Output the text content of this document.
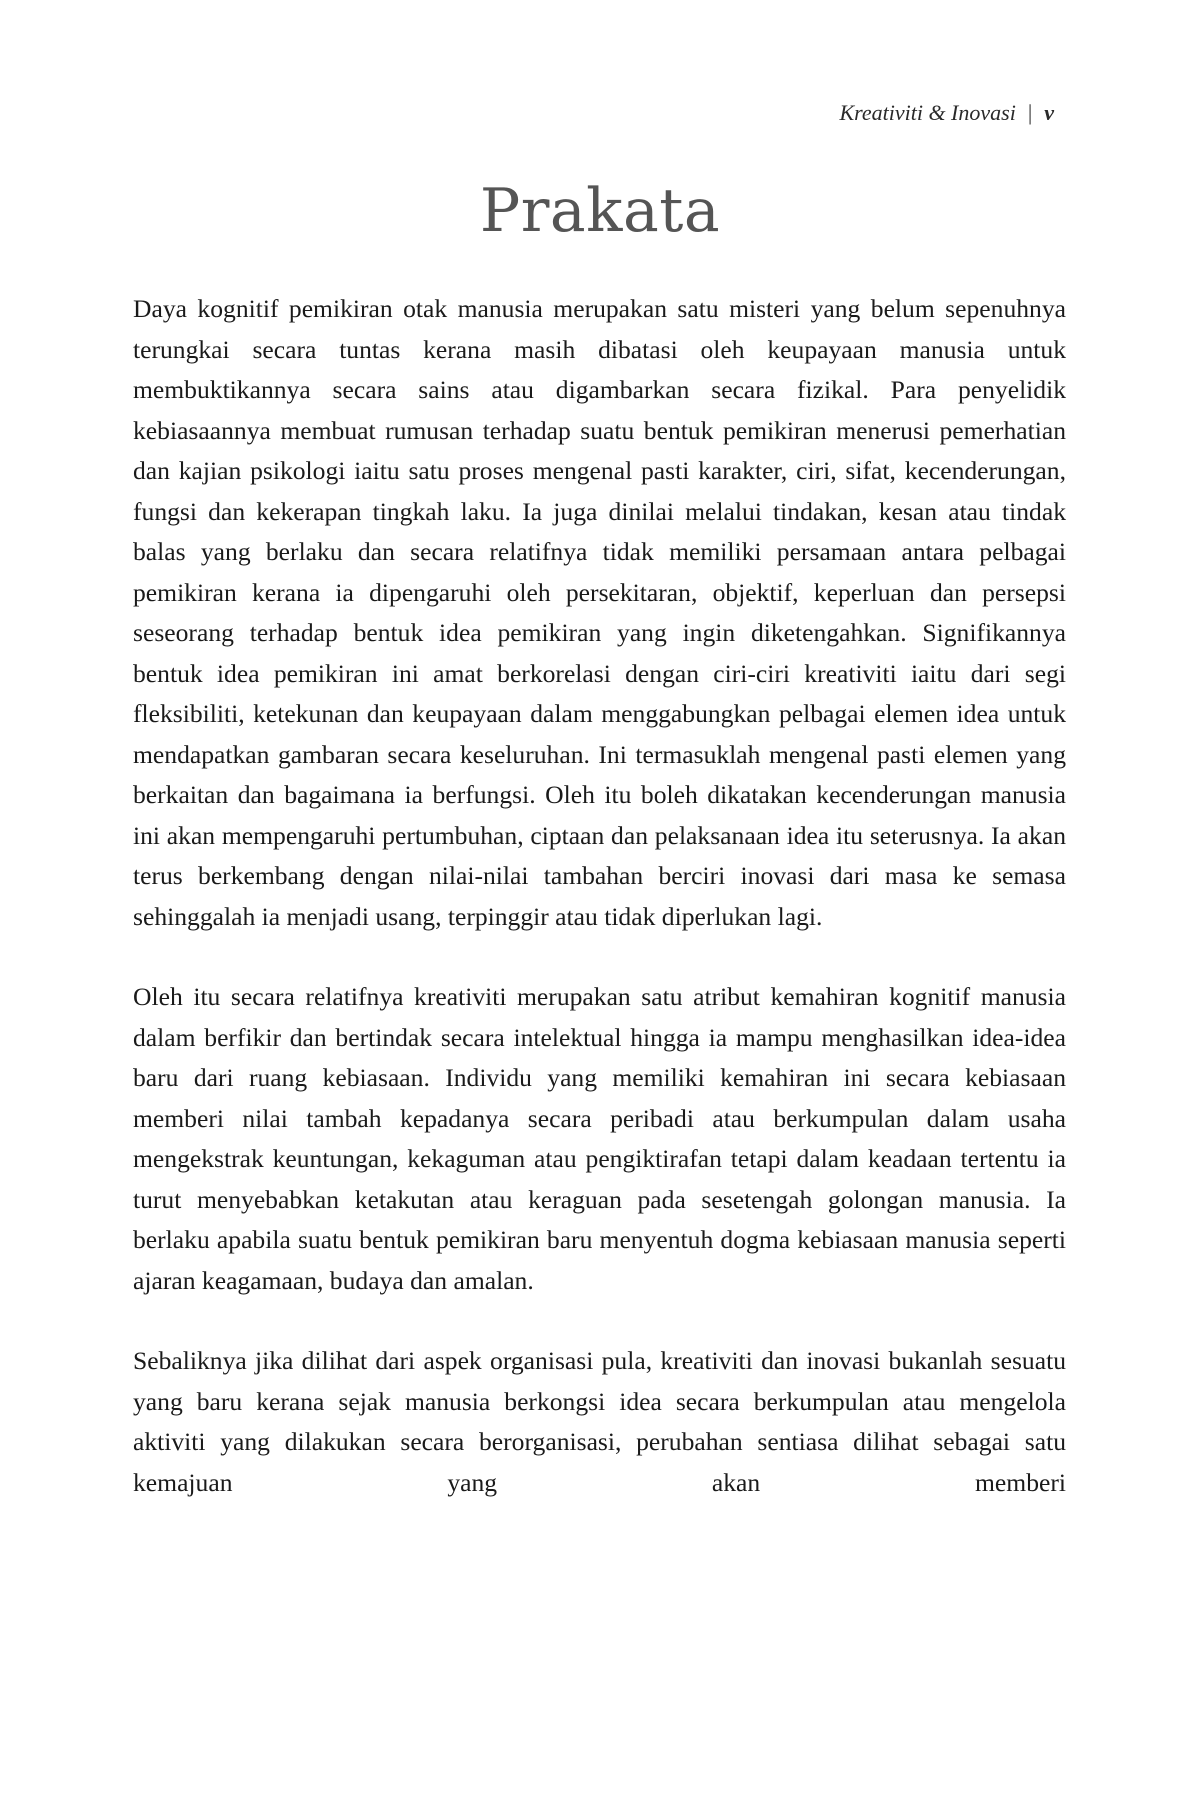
Kreativiti & Inovasi | v
Prakata

Daya kognitif pemikiran otak manusia merupakan satu misteri yang belum sepenuhnya terungkai secara tuntas kerana masih dibatasi oleh keupayaan manusia untuk membuktikannya secara sains atau digambarkan secara fizikal. Para penyelidik kebiasaannya membuat rumusan terhadap suatu bentuk pemikiran menerusi pemerhatian dan kajian psikologi iaitu satu proses mengenal pasti karakter, ciri, sifat, kecenderungan, fungsi dan kekerapan tingkah laku. Ia juga dinilai melalui tindakan, kesan atau tindak balas yang berlaku dan secara relatifnya tidak memiliki persamaan antara pelbagai pemikiran kerana ia dipengaruhi oleh persekitaran, objektif, keperluan dan persepsi seseorang terhadap bentuk idea pemikiran yang ingin diketengahkan. Signifikannya bentuk idea pemikiran ini amat berkorelasi dengan ciri-ciri kreativiti iaitu dari segi fleksibiliti, ketekunan dan keupayaan dalam menggabungkan pelbagai elemen idea untuk mendapatkan gambaran secara keseluruhan. Ini termasuklah mengenal pasti elemen yang berkaitan dan bagaimana ia berfungsi. Oleh itu boleh dikatakan kecenderungan manusia ini akan mempengaruhi pertumbuhan, ciptaan dan pelaksanaan idea itu seterusnya. Ia akan terus berkembang dengan nilai-nilai tambahan berciri inovasi dari masa ke semasa sehinggalah ia menjadi usang, terpinggir atau tidak diperlukan lagi.

Oleh itu secara relatifnya kreativiti merupakan satu atribut kemahiran kognitif manusia dalam berfikir dan bertindak secara intelektual hingga ia mampu menghasilkan idea-idea baru dari ruang kebiasaan. Individu yang memiliki kemahiran ini secara kebiasaan memberi nilai tambah kepadanya secara peribadi atau berkumpulan dalam usaha mengekstrak keuntungan, kekaguman atau pengiktirafan tetapi dalam keadaan tertentu ia turut menyebabkan ketakutan atau keraguan pada sesetengah golongan manusia. Ia berlaku apabila suatu bentuk pemikiran baru menyentuh dogma kebiasaan manusia seperti ajaran keagamaan, budaya dan amalan.

Sebaliknya jika dilihat dari aspek organisasi pula, kreativiti dan inovasi bukanlah sesuatu yang baru kerana sejak manusia berkongsi idea secara berkumpulan atau mengelola aktiviti yang dilakukan secara berorganisasi, perubahan sentiasa dilihat sebagai satu kemajuan yang akan memberi
